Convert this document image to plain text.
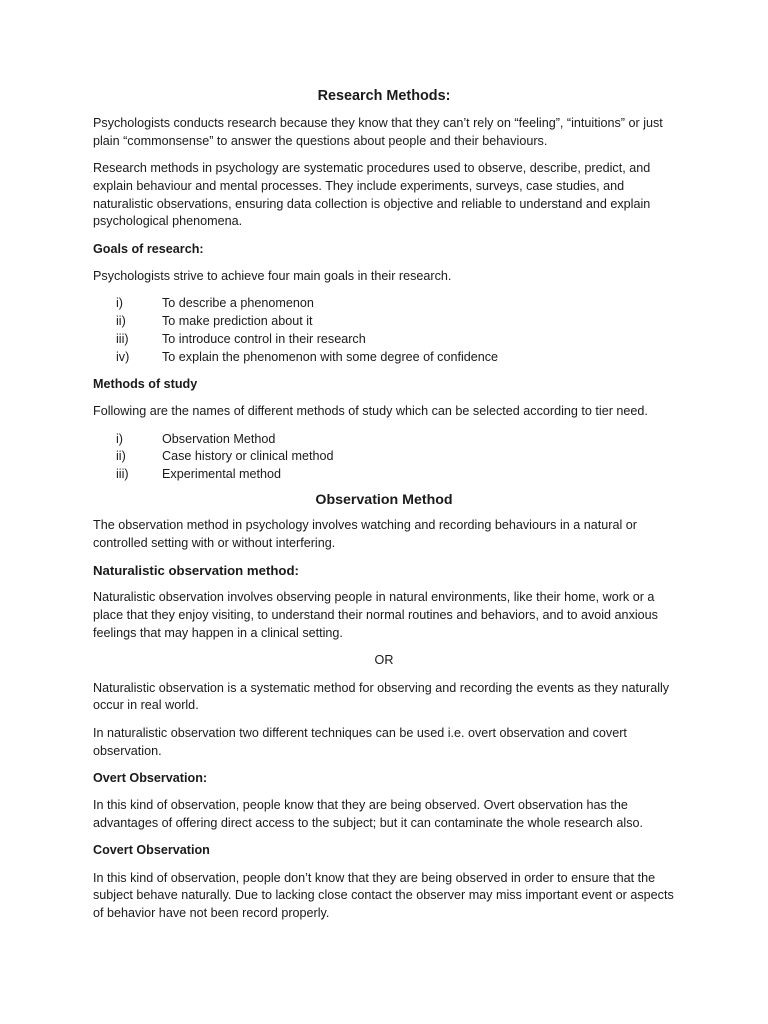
Research Methods:

Psychologists conducts research because they know that they can’t rely on “feeling”, “intuitions” or just plain “commonsense” to answer the questions about people and their behaviours.

Research methods in psychology are systematic procedures used to observe, describe, predict, and explain behaviour and mental processes. They include experiments, surveys, case studies, and naturalistic observations, ensuring data collection is objective and reliable to understand and explain psychological phenomena.

Goals of research:

Psychologists strive to achieve four main goals in their research.

i)	To describe a phenomenon
ii)	To make prediction about it
iii)	To introduce control in their research
iv)	To explain the phenomenon with some degree of confidence
Methods of study

Following are the names of different methods of study which can be selected according to tier need.

i)	Observation Method
ii)	Case history or clinical method
iii)	Experimental method
Observation Method

The observation method in psychology involves watching and recording behaviours in a natural or controlled setting with or without interfering.

Naturalistic observation method:

Naturalistic observation involves observing people in natural environments, like their home, work or a place that they enjoy visiting, to understand their normal routines and behaviors, and to avoid anxious feelings that may happen in a clinical setting.

OR

Naturalistic observation is a systematic method for observing and recording the events as they naturally occur in real world.

In naturalistic observation two different techniques can be used i.e. overt observation and covert observation.

Overt Observation:

In this kind of observation, people know that they are being observed. Overt observation has the advantages of offering direct access to the subject; but it can contaminate the whole research also.

Covert Observation

In this kind of observation, people don’t know that they are being observed in order to ensure that the subject behave naturally. Due to lacking close contact the observer may miss important event or aspects of behavior have not been record properly.
